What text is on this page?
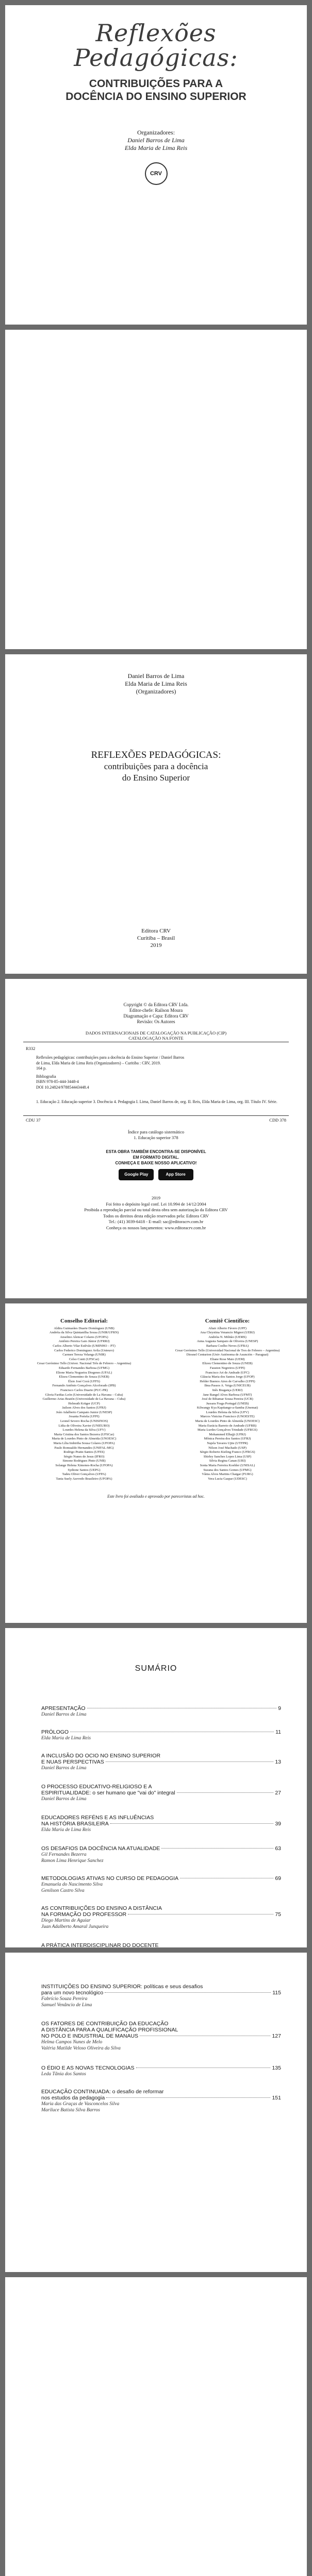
Reflexões
Pedagógicas:
CONTRIBUIÇÕES PARA A
DOCÊNCIA DO ENSINO SUPERIOR
Organizadores:
Daniel Barros de Lima
Elda Maria de Lima Reis
CRV
Daniel Barros de Lima
Elda Maria de Lima Reis
(Organizadores)
REFLEXÕES PEDAGÓGICAS:
contribuições para a docência
do Ensino Superior
Editora CRV
Curitiba – Brasil
2019
Copyright © da Editora CRV Ltda.
Editor-chefe: Railson Moura
Diagramação e Capa: Editora CRV
Revisão: Os Autores
DADOS INTERNACIONAIS DE CATALOGAÇÃO NA PUBLICAÇÃO (CIP)
CATALOGAÇÃO NA FONTE
R332
Reflexões pedagógicas: contribuições para a docência do Ensino Superior / Daniel Barros
de Lima, Elda Maria de Lima Reis (Organizadores) – Curitiba : CRV, 2019.
164 p.
Bibliografia
ISBN 978-85-444-3448-4
DOI 10.24824/978854443448.4
1. Educação 2. Educação superior 3. Docência 4. Pedagogia I. Lima, Daniel Barros de, org. II. Reis, Elda Maria de Lima, org. III. Título IV. Série.
CDU 37	CDD 378
Índice para catálogo sistemático
1. Educação superior 378
ESTA OBRA TAMBÉM ENCONTRA-SE DISPONÍVEL
EM FORMATO DIGITAL.
CONHEÇA E BAIXE NOSSO APLICATIVO!
Google Play	App Store
2019
Foi feito o depósito legal conf. Lei 10.994 de 14/12/2004
Proibida a reprodução parcial ou total desta obra sem autorização da Editora CRV
Todos os direitos desta edição reservados pela: Editora CRV
Tel.: (41) 3039-6418 - E-mail: sac@editoracrv.com.br
Conheça os nossos lançamentos: www.editoracrv.com.br
Conselho Editorial:
Aldira Guimarães Duarte Domínguez (UNB)
Andréia da Silva Quintanilha Sousa (UNIR/UFRN)
Anselmo Alencar Colares (UFOPA)
Antônio Pereira Gaio Júnior (UFRRJ)
Carlos Alberto Vilar Estêvão (UMINHO – PT)
Carlos Federico Dominguez Avila (Unieuro)
Carmen Tereza Velanga (UNIR)
Celso Conti (UFSCar)
Cesar Gerónimo Tello (Univer. Nacional Três de Febrero – Argentina)
Eduardo Fernandes Barbosa (UFMG)
Elione Maria Nogueira Diogenes (UFAL)
Elizeu Clementino de Souza (UNEB)
Élsio José Corá (UFFS)
Fernando Antônio Gonçalves Alcoforado (IPB)
Francisco Carlos Duarte (PUC-PR)
Gloria Fariñas León (Universidade de La Havana – Cuba)
Guillermo Arias Beatón (Universidade de La Havana – Cuba)
Helmuth Krüger (UCP)
Jailson Alves dos Santos (UFRJ)
João Adalberto Campato Junior (UNESP)
Josania Portela (UFPI)
Leonel Severo Rocha (UNISINOS)
Lídia de Oliveira Xavier (UNIEURO)
Lourdes Helena da Silva (UFV)
Maria Cristina dos Santos Bezerra (UFSCar)
Maria de Lourdes Pinto de Almeida (UNOESC)
Maria Lília Imbiriba Sousa Colares (UFOPA)
Paulo Romualdo Hernandes (UNIFAL-MG)
Rodrigo Pratte-Santos (UFES)
Sérgio Nunes de Jesus (IFRO)
Simone Rodrigues Pinto (UNB)
Solange Helena Ximenes-Rocha (UFOPA)
Sydione Santos (UEPG)
Tadeu Oliver Gonçalves (UFPA)
Tania Suely Azevedo Brasileiro (UFOPA)
Comitê Científico:
Altair Alberto Fávero (UPF)
Ana Chrystina Venancio Mignot (UERJ)
Andréia N. Militão (UEMS)
Anna Augusta Sampaio de Oliveira (UNESP)
Barbara Coelho Neves (UFBA)
Cesar Gerónimo Tello (Universidad Nacional de Tres de Febrero – Argentina)
Diosnel Centurion (Univ Autónoma de Asunción – Paraguai)
Eliane Rose Maio (UEM)
Elizeu Clementino de Souza (UNEB)
Fauston Negreiros (UFPI)
Francisco Ari de Andrade (UFC)
Gláucia Maria dos Santos Jorge (UFOP)
Helder Buenos Aires de Carvalho (UFPI)
Ilma Passos A. Veiga (UNICEUB)
Inês Bragança (UERJ)
Jane Rangel Alves Barbosa (UFMT)
José de Ribamar Sousa Pereira (UCB)
Jussara Fraga Portugal (UNEB)
Kilwangy Kya Kapitango-a-Samba (Unemat)
Lourdes Helena da Silva (UFV)
Marcos Vinicius Francisco (UNOESTE)
Maria de Lourdes Pinto de Almeida (UNOESC)
Maria Eurácia Barreto de Andrade (UFRB)
Maria Lurdes Gonçalves Trindade (UFRGS)
Mohammed Elhajji (UFRJ)
Mônica Pereira dos Santos (UFRJ)
Najela Tavares Ujiie (UTFPR)
Nilson José Machado (USP)
Sérgio Roberto Kieling Franco (UFRGS)
Shirley Sanches Lopes Lima (USP)
Silvia Regina Canan (URI)
Sonia Maria Ferreira Koehler (UNISAL)
Suzana dos Santos Gomes (UFMG)
Vânia Alves Martins Chaigar (FURG)
Vera Lucia Gaspar (UDESC)
Este livro foi avaliado e aprovado por pareceristas ad hoc.
SUMÁRIO
APRESENTAÇÃO	9
Daniel Barros de Lima
PRÓLOGO	11
Elda Maria de Lima Reis
A INCLUSÃO DO OCIO NO ENSINO SUPERIOR
E NUAS PERSPECTIVAS	13
Daniel Barros de Lima
O PROCESSO EDUCATIVO-RELIGIOSO E A
ESPIRITUALIDADE: o ser humano que "vai do" integral	27
Daniel Barros de Lima
EDUCADORES REFÉNS E AS INFLUÊNCIAS
NA HISTÓRIA BRASILEIRA	39
Elda Maria de Lima Reis
OS DESAFIOS DA DOCÊNCIA NA ATUALIDADE	63
Gil Fernandes Bezerra
Ramon Lima Henrique Sanchez
METODOLOGIAS ATIVAS NO CURSO DE PEDAGOGIA	69
Emanuela do Nascimento Silva
Genilson Castro Silva
AS CONTRIBUIÇÕES DO ENSINO A DISTÂNCIA
NA FORMAÇÃO DO PROFESSOR	75
Diego Martins de Aguiar
Juan Adalberto Amaral Junqueira
A PRÁTICA INTERDISCIPLINAR DO DOCENTE
INSTITUIÇÕES DO ENSINO SUPERIOR: políticas e seus desafios
para um novo tecnológico	115
Fabrício Souza Pereira
Samuel Venâncio de Lima
OS FATORES DE CONTRIBUIÇÃO DA EDUCAÇÃO
A DISTÂNCIA PARA A QUALIFICAÇÃO PROFISSIONAL
NO POLO E INDUSTRIAL DE MANAUS	127
Helma Campos Nunes de Melo
Valéria Matilde Veloso Oliveira da Silva
O ÉDIO E AS NOVAS TECNOLOGIAS	135
Leda Tânia dos Santos
EDUCAÇÃO CONTINUADA: o desafio de reformar
nos estudos da pedagogia	151
Maria das Graças de Vasconcelos Silva
Mariluce Batista Silva Barros
